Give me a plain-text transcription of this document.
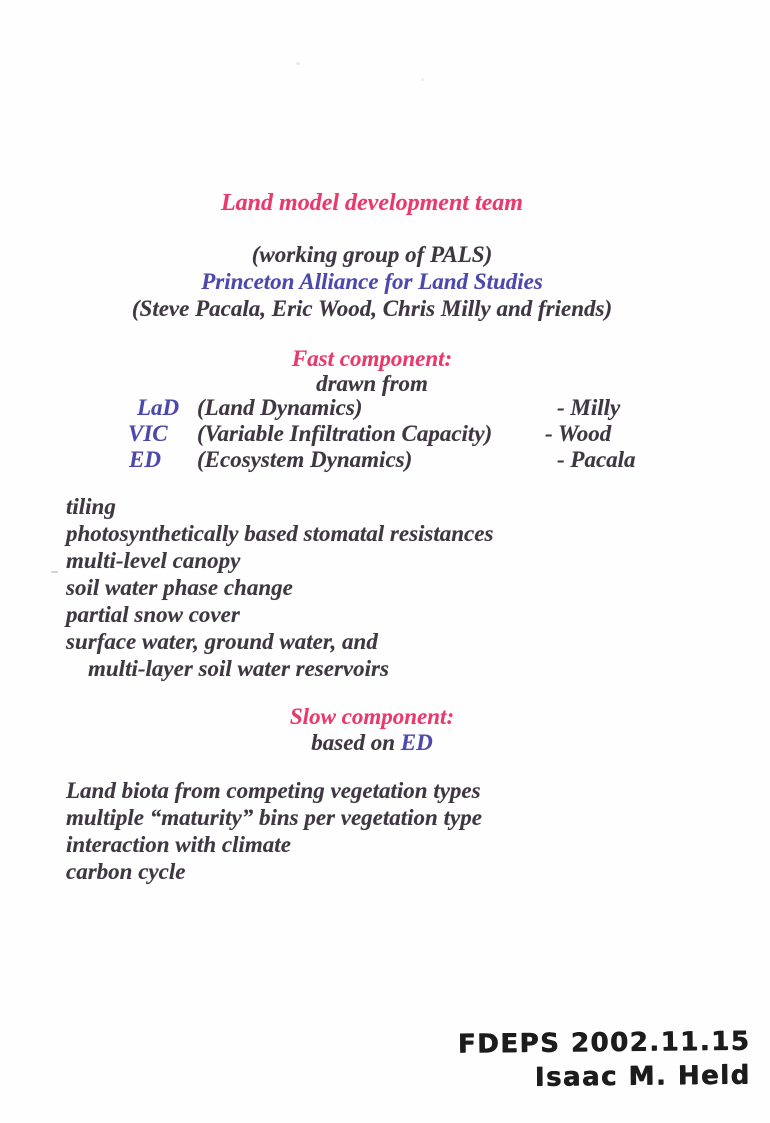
Land model development team
(working group of PALS)
Princeton Alliance for Land Studies
(Steve Pacala, Eric Wood, Chris Milly and friends)
Fast component:
drawn from
LaD (Land Dynamics)	- Milly
VIC (Variable Infiltration Capacity) - Wood
ED (Ecosystem Dynamics)	- Pacala
tiling
photosynthetically based stomatal resistances
multi-level canopy
soil water phase change
partial snow cover
surface water, ground water, and
multi-layer soil water reservoirs
Slow component:
based on ED
Land biota from competing vegetation types
multiple “maturity” bins per vegetation type
interaction with climate
carbon cycle
FDEPS 2002.11.15
Isaac M. Held
